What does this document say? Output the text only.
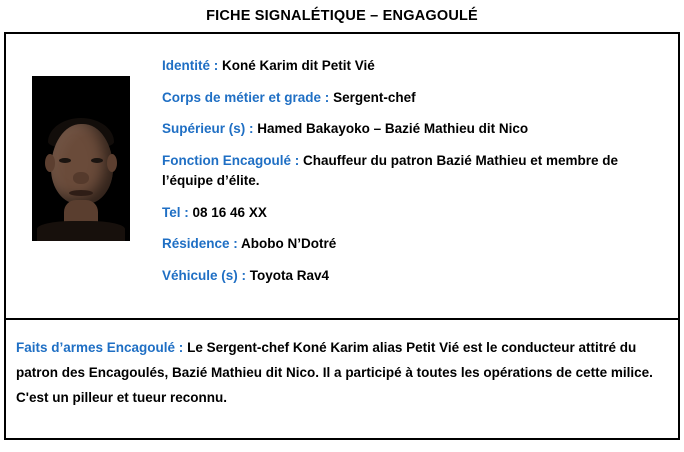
FICHE SIGNALÉTIQUE – ENGAGOULÉ
Identité : Koné Karim dit Petit Vié
Corps de métier et grade : Sergent-chef
Supérieur (s) : Hamed Bakayoko – Bazié Mathieu dit Nico
Fonction Encagoulé : Chauffeur du patron Bazié Mathieu et membre de l’équipe d’élite.
Tel : 08 16 46 XX
Résidence : Abobo N’Dotré
Véhicule (s) : Toyota Rav4
Faits d’armes Encagoulé : Le Sergent-chef Koné Karim alias Petit Vié est le conducteur attitré du patron des Encagoulés, Bazié Mathieu dit Nico. Il a participé à toutes les opérations de cette milice. C'est un pilleur et tueur reconnu.
